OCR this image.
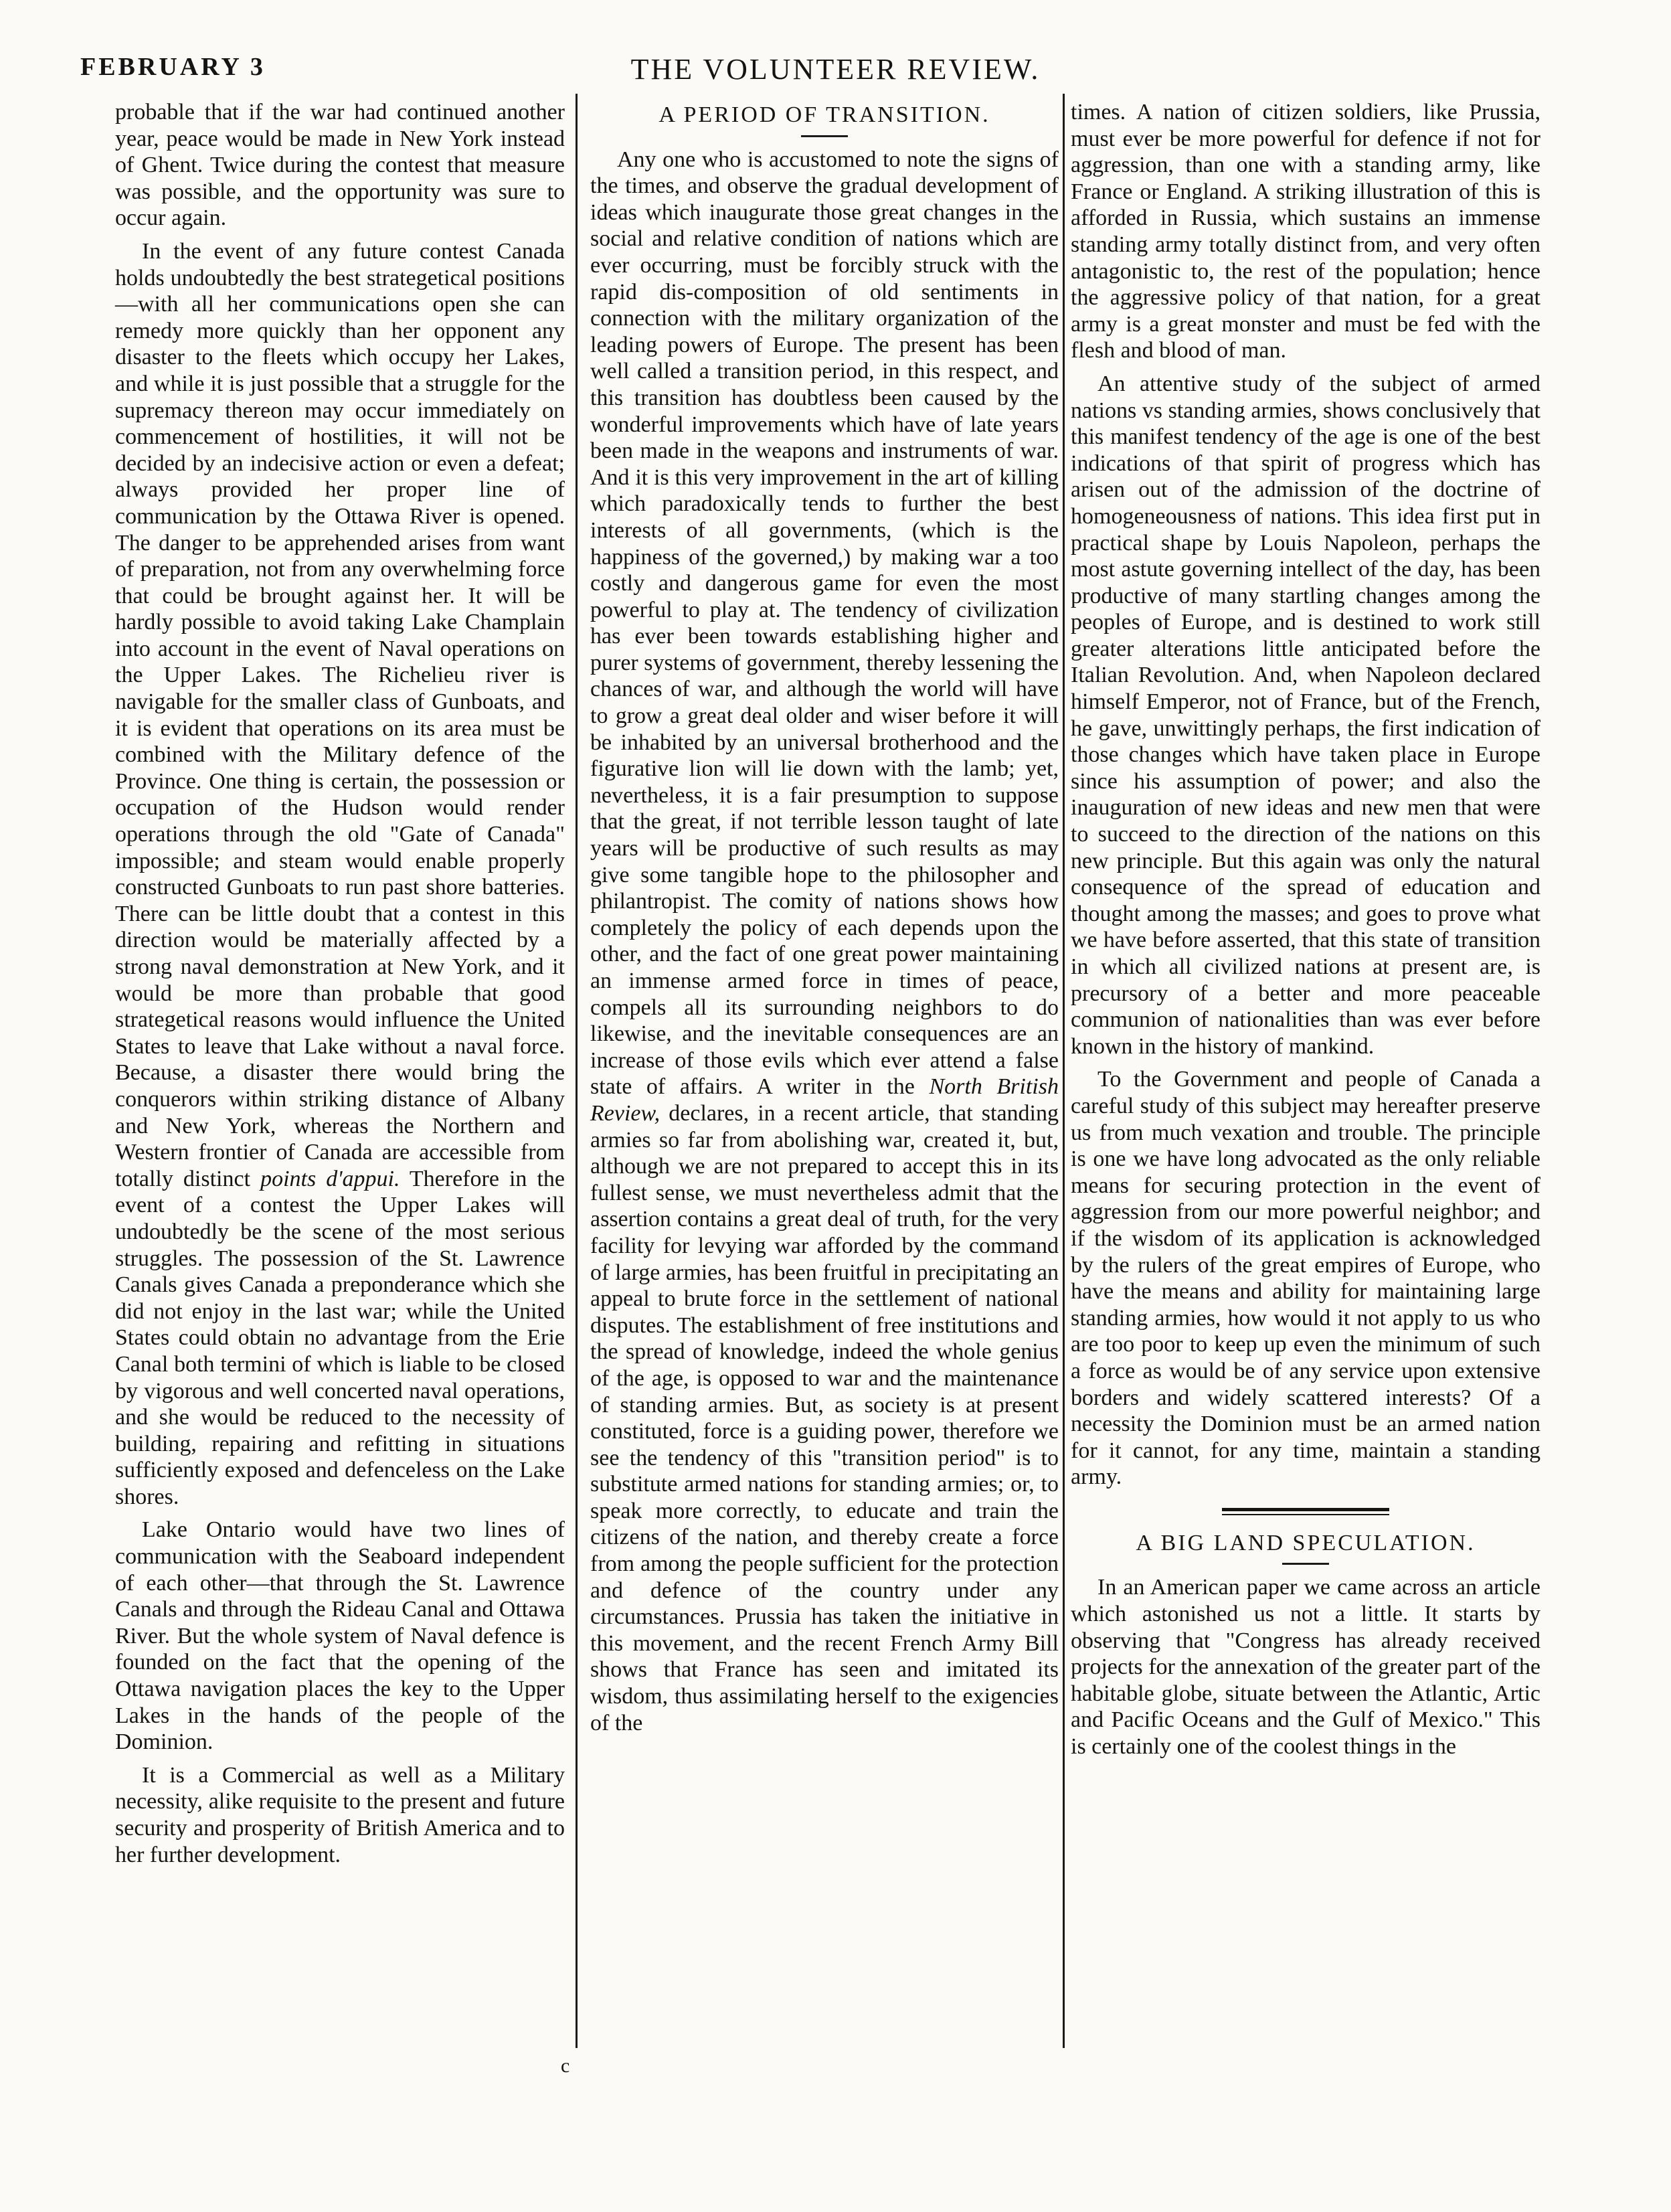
FEBRUARY 3	THE VOLUNTEER REVIEW.

probable that if the war had continued another year, peace would be made in New York instead of Ghent. Twice during the contest that measure was possible, and the opportunity was sure to occur again.

In the event of any future contest Canada holds undoubtedly the best strategetical positions—with all her communications open she can remedy more quickly than her opponent any disaster to the fleets which occupy her Lakes, and while it is just possible that a struggle for the supremacy thereon may occur immediately on commencement of hostilities, it will not be decided by an indecisive action or even a defeat; always provided her proper line of communication by the Ottawa River is opened. The danger to be apprehended arises from want of preparation, not from any overwhelming force that could be brought against her. It will be hardly possible to avoid taking Lake Champlain into account in the event of Naval operations on the Upper Lakes. The Richelieu river is navigable for the smaller class of Gunboats, and it is evident that operations on its area must be combined with the Military defence of the Province. One thing is certain, the possession or occupation of the Hudson would render operations through the old "Gate of Canada" impossible; and steam would enable properly constructed Gunboats to run past shore batteries. There can be little doubt that a contest in this direction would be materially affected by a strong naval demonstration at New York, and it would be more than probable that good strategetical reasons would influence the United States to leave that Lake without a naval force. Because, a disaster there would bring the conquerors within striking distance of Albany and New York, whereas the Northern and Western frontier of Canada are accessible from totally distinct points d'appui. Therefore in the event of a contest the Upper Lakes will undoubtedly be the scene of the most serious struggles. The possession of the St. Lawrence Canals gives Canada a preponderance which she did not enjoy in the last war; while the United States could obtain no advantage from the Erie Canal both termini of which is liable to be closed by vigorous and well concerted naval operations, and she would be reduced to the necessity of building, repairing and refitting in situations sufficiently exposed and defenceless on the Lake shores.

Lake Ontario would have two lines of communication with the Seaboard independent of each other—that through the St. Lawrence Canals and through the Rideau Canal and Ottawa River. But the whole system of Naval defence is founded on the fact that the opening of the Ottawa navigation places the key to the Upper Lakes in the hands of the people of the Dominion.

It is a Commercial as well as a Military necessity, alike requisite to the present and future security and prosperity of British America and to her further development.

A PERIOD OF TRANSITION.

Any one who is accustomed to note the signs of the times, and observe the gradual development of ideas which inaugurate those great changes in the social and relative condition of nations which are ever occurring, must be forcibly struck with the rapid dis-composition of old sentiments in connection with the military organization of the leading powers of Europe. The present has been well called a transition period, in this respect, and this transition has doubtless been caused by the wonderful improvements which have of late years been made in the weapons and instruments of war. And it is this very improvement in the art of killing which paradoxically tends to further the best interests of all governments, (which is the happiness of the governed,) by making war a too costly and dangerous game for even the most powerful to play at. The tendency of civilization has ever been towards establishing higher and purer systems of government, thereby lessening the chances of war, and although the world will have to grow a great deal older and wiser before it will be inhabited by an universal brotherhood and the figurative lion will lie down with the lamb; yet, nevertheless, it is a fair presumption to suppose that the great, if not terrible lesson taught of late years will be productive of such results as may give some tangible hope to the philosopher and philantropist. The comity of nations shows how completely the policy of each depends upon the other, and the fact of one great power maintaining an immense armed force in times of peace, compels all its surrounding neighbors to do likewise, and the inevitable consequences are an increase of those evils which ever attend a false state of affairs. A writer in the North British Review, declares, in a recent article, that standing armies so far from abolishing war, created it, but, although we are not prepared to accept this in its fullest sense, we must nevertheless admit that the assertion contains a great deal of truth, for the very facility for levying war afforded by the command of large armies, has been fruitful in precipitating an appeal to brute force in the settlement of national disputes. The establishment of free institutions and the spread of knowledge, indeed the whole genius of the age, is opposed to war and the maintenance of standing armies. But, as society is at present constituted, force is a guiding power, therefore we see the tendency of this "transition period" is to substitute armed nations for standing armies; or, to speak more correctly, to educate and train the citizens of the nation, and thereby create a force from among the people sufficient for the protection and defence of the country under any circumstances. Prussia has taken the initiative in this movement, and the recent French Army Bill shows that France has seen and imitated its wisdom, thus assimilating herself to the exigencies of the

times. A nation of citizen soldiers, like Prussia, must ever be more powerful for defence if not for aggression, than one with a standing army, like France or England. A striking illustration of this is afforded in Russia, which sustains an immense standing army totally distinct from, and very often antagonistic to, the rest of the population; hence the aggressive policy of that nation, for a great army is a great monster and must be fed with the flesh and blood of man.

An attentive study of the subject of armed nations vs standing armies, shows conclusively that this manifest tendency of the age is one of the best indications of that spirit of progress which has arisen out of the admission of the doctrine of homogeneousness of nations. This idea first put in practical shape by Louis Napoleon, perhaps the most astute governing intellect of the day, has been productive of many startling changes among the peoples of Europe, and is destined to work still greater alterations little anticipated before the Italian Revolution. And, when Napoleon declared himself Emperor, not of France, but of the French, he gave, unwittingly perhaps, the first indication of those changes which have taken place in Europe since his assumption of power; and also the inauguration of new ideas and new men that were to succeed to the direction of the nations on this new principle. But this again was only the natural consequence of the spread of education and thought among the masses; and goes to prove what we have before asserted, that this state of transition in which all civilized nations at present are, is precursory of a better and more peaceable communion of nationalities than was ever before known in the history of mankind.

To the Government and people of Canada a careful study of this subject may hereafter preserve us from much vexation and trouble. The principle is one we have long advocated as the only reliable means for securing protection in the event of aggression from our more powerful neighbor; and if the wisdom of its application is acknowledged by the rulers of the great empires of Europe, who have the means and ability for maintaining large standing armies, how would it not apply to us who are too poor to keep up even the minimum of such a force as would be of any service upon extensive borders and widely scattered interests? Of a necessity the Dominion must be an armed nation for it cannot, for any time, maintain a standing army.

A BIG LAND SPECULATION.

In an American paper we came across an article which astonished us not a little. It starts by observing that "Congress has already received projects for the annexation of the greater part of the habitable globe, situate between the Atlantic, Artic and Pacific Oceans and the Gulf of Mexico." This is certainly one of the coolest things in the

c
